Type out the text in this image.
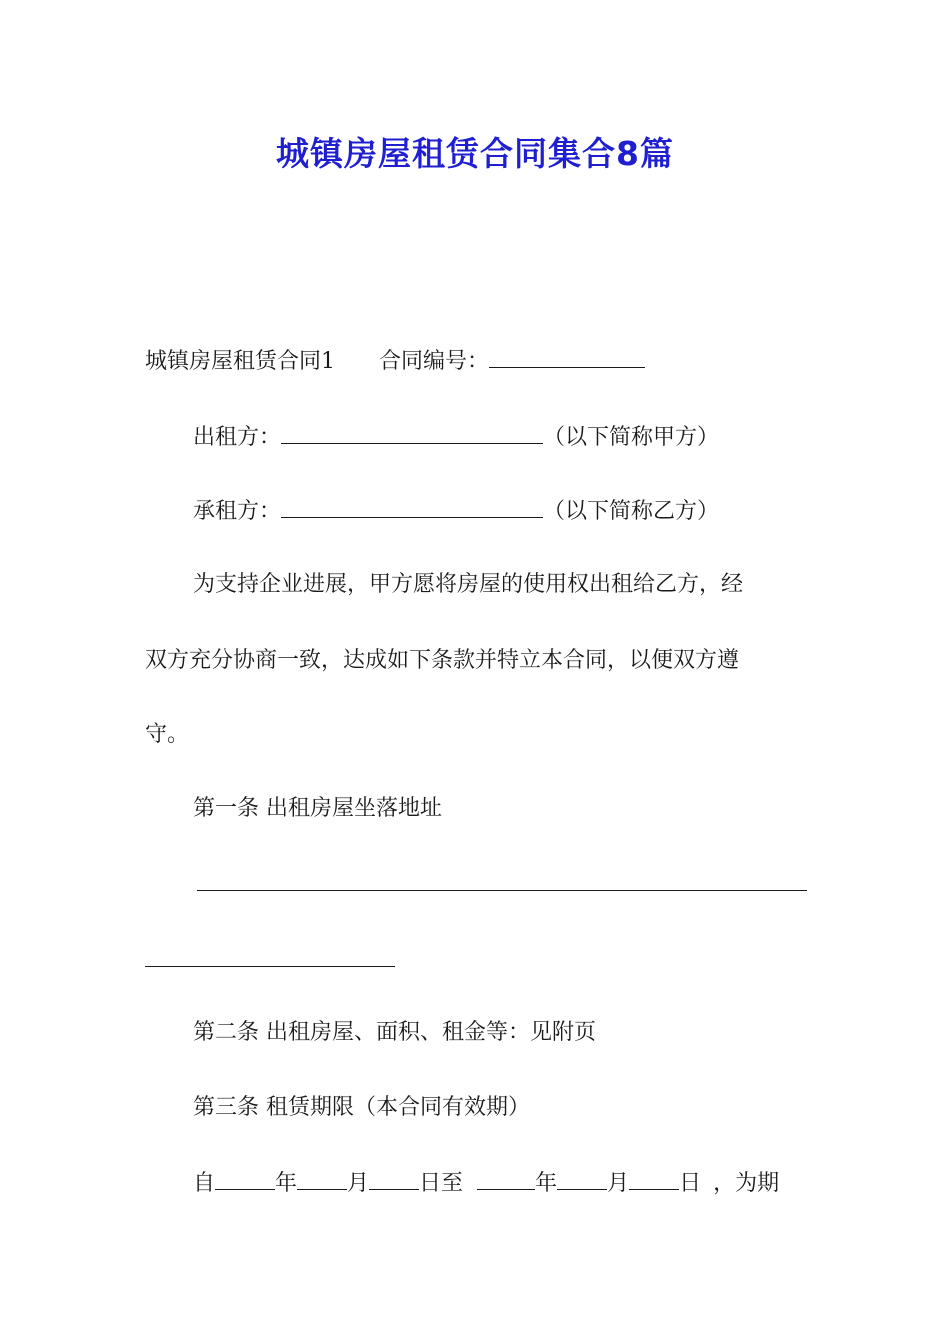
城镇房屋租赁合同集合8篇
城镇房屋租赁合同1 合同编号：
出租方：	（以下简称甲方）
承租方：	（以下简称乙方）
为支持企业进展，甲方愿将房屋的使用权出租给乙方，经
双方充分协商一致，达成如下条款并特立本合同，以便双方遵
守。
第一条 出租房屋坐落地址
第二条 出租房屋、面积、租金等：见附页
第三条 租赁期限（本合同有效期）
自	年 月 日至	年 月 日 ，为期
